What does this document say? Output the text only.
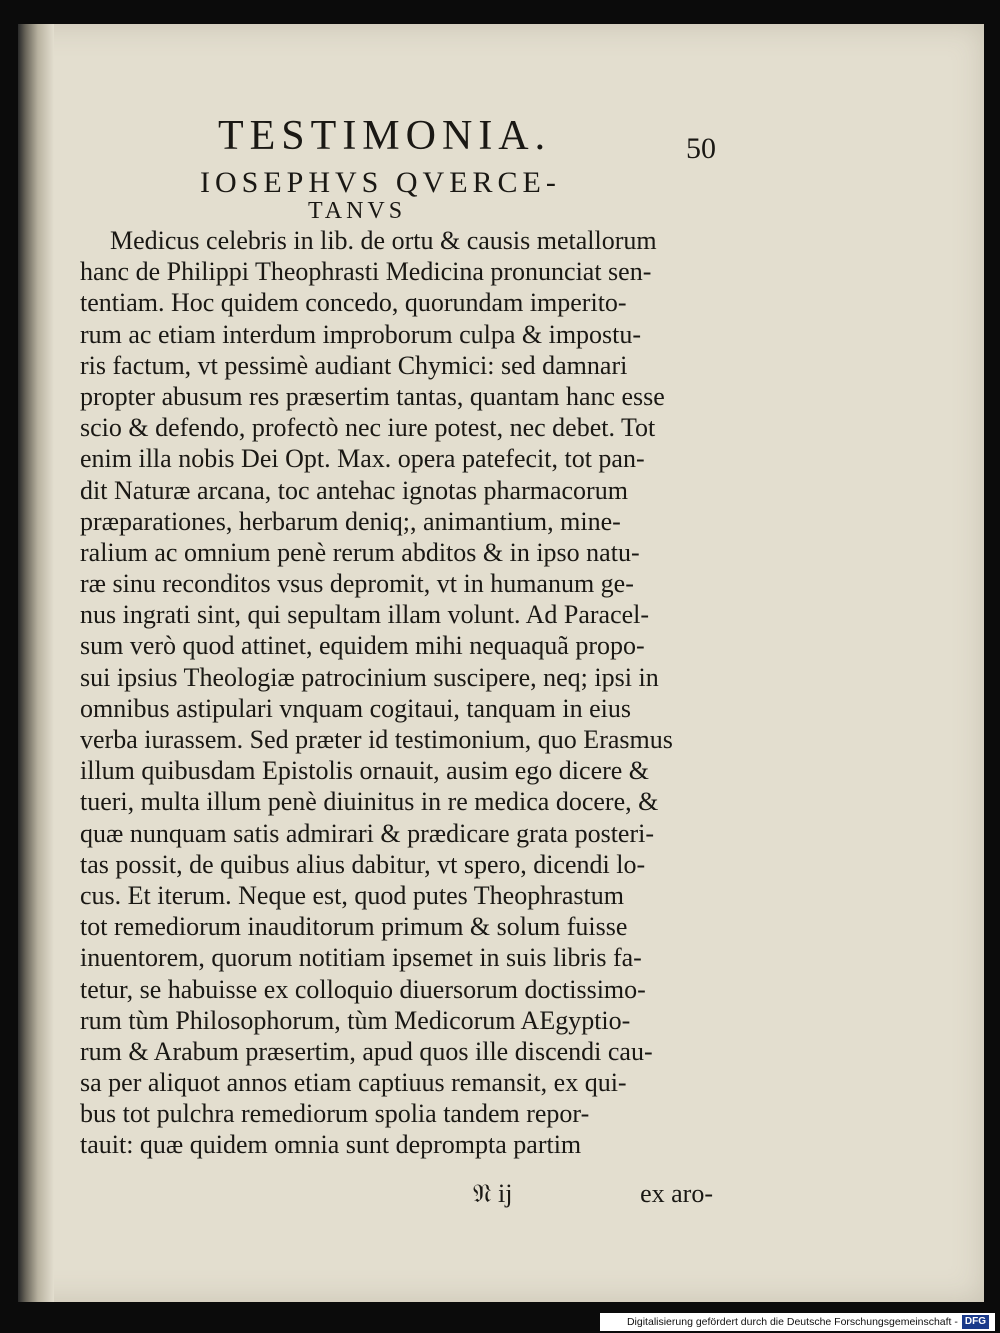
TESTIMONIA.	50
IOSEPHVS QVERCE-
TANVS
Medicus celebris in lib. de ortu & causis metallorum
hanc de Philippi Theophrasti Medicina pronunciat sen-
tentiam. Hoc quidem concedo, quorundam imperito-
rum ac etiam interdum improborum culpa & impostu-
ris factum, vt pessimè audiant Chymici: sed damnari
propter abusum res præsertim tantas, quantam hanc esse
scio & defendo, profectò nec iure potest, nec debet. Tot
enim illa nobis Dei Opt. Max. opera patefecit, tot pan-
dit Naturæ arcana, toc antehac ignotas pharmacorum
præparationes, herbarum deniq;, animantium, mine-
ralium ac omnium penè rerum abditos & in ipso natu-
ræ sinu reconditos vsus depromit, vt in humanum ge-
nus ingrati sint, qui sepultam illam volunt. Ad Paracel-
sum verò quod attinet, equidem mihi nequaquã propo-
sui ipsius Theologiæ patrocinium suscipere, neq; ipsi in
omnibus astipulari vnquam cogitaui, tanquam in eius
verba iurassem. Sed præter id testimonium, quo Erasmus
illum quibusdam Epistolis ornauit, ausim ego dicere &
tueri, multa illum penè diuinitus in re medica docere, &
quæ nunquam satis admirari & prædicare grata posteri-
tas possit, de quibus alius dabitur, vt spero, dicendi lo-
cus. Et iterum. Neque est, quod putes Theophrastum
tot remediorum inauditorum primum & solum fuisse
inuentorem, quorum notitiam ipsemet in suis libris fa-
tetur, se habuisse ex colloquio diuersorum doctissimo-
rum tùm Philosophorum, tùm Medicorum AEgyptio-
rum & Arabum præsertim, apud quos ille discendi cau-
sa per aliquot annos etiam captiuus remansit, ex qui-
bus tot pulchra remediorum spolia tandem repor-
tauit: quæ quidem omnia sunt deprompta partim
𝔑 ij	ex aro-
Digitalisierung gefördert durch die Deutsche Forschungsgemeinschaft - DFG
